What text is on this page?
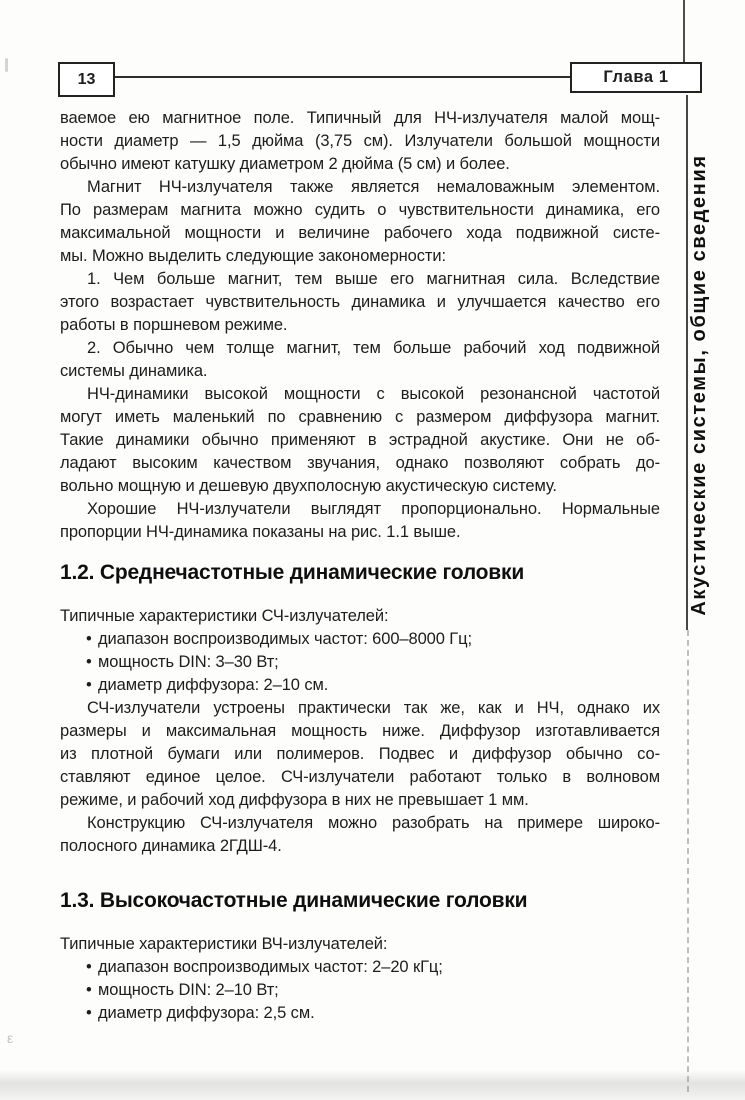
ваемое ею магнитное поле. Типичный для НЧ-излучателя малой мощ-
ности диаметр — 1,5 дюйма (3,75 см). Излучатели большой мощности
обычно имеют катушку диаметром 2 дюйма (5 см) и более.
Магнит НЧ-излучателя также является немаловажным элементом.
По размерам магнита можно судить о чувствительности динамика, его
максимальной мощности и величине рабочего хода подвижной систе-
мы. Можно выделить следующие закономерности:
1. Чем больше магнит, тем выше его магнитная сила. Вследствие
этого возрастает чувствительность динамика и улучшается качество его
работы в поршневом режиме.
2. Обычно чем толще магнит, тем больше рабочий ход подвижной
системы динамика.
НЧ-динамики высокой мощности с высокой резонансной частотой
могут иметь маленький по сравнению с размером диффузора магнит.
Такие динамики обычно применяют в эстрадной акустике. Они не об-
ладают высоким качеством звучания, однако позволяют собрать до-
вольно мощную и дешевую двухполосную акустическую систему.
Хорошие НЧ-излучатели выглядят пропорционально. Нормальные
пропорции НЧ-динамика показаны на рис. 1.1 выше.
1.2. Среднечастотные динамические головки
Типичные характеристики СЧ-излучателей:
• диапазон воспроизводимых частот: 600–8000 Гц;
• мощность DIN: 3–30 Вт;
• диаметр диффузора: 2–10 см.
СЧ-излучатели устроены практически так же, как и НЧ, однако их
размеры и максимальная мощность ниже. Диффузор изготавливается
из плотной бумаги или полимеров. Подвес и диффузор обычно со-
ставляют единое целое. СЧ-излучатели работают только в волновом
режиме, и рабочий ход диффузора в них не превышает 1 мм.
Конструкцию СЧ-излучателя можно разобрать на примере широко-
полосного динамика 2ГДШ-4.
1.3. Высокочастотные динамические головки
Типичные характеристики ВЧ-излучателей:
• диапазон воспроизводимых частот: 2–20 кГц;
• мощность DIN: 2–10 Вт;
• диаметр диффузора: 2,5 см.
13	Глава 1
Акустические системы, общие сведения
ε
